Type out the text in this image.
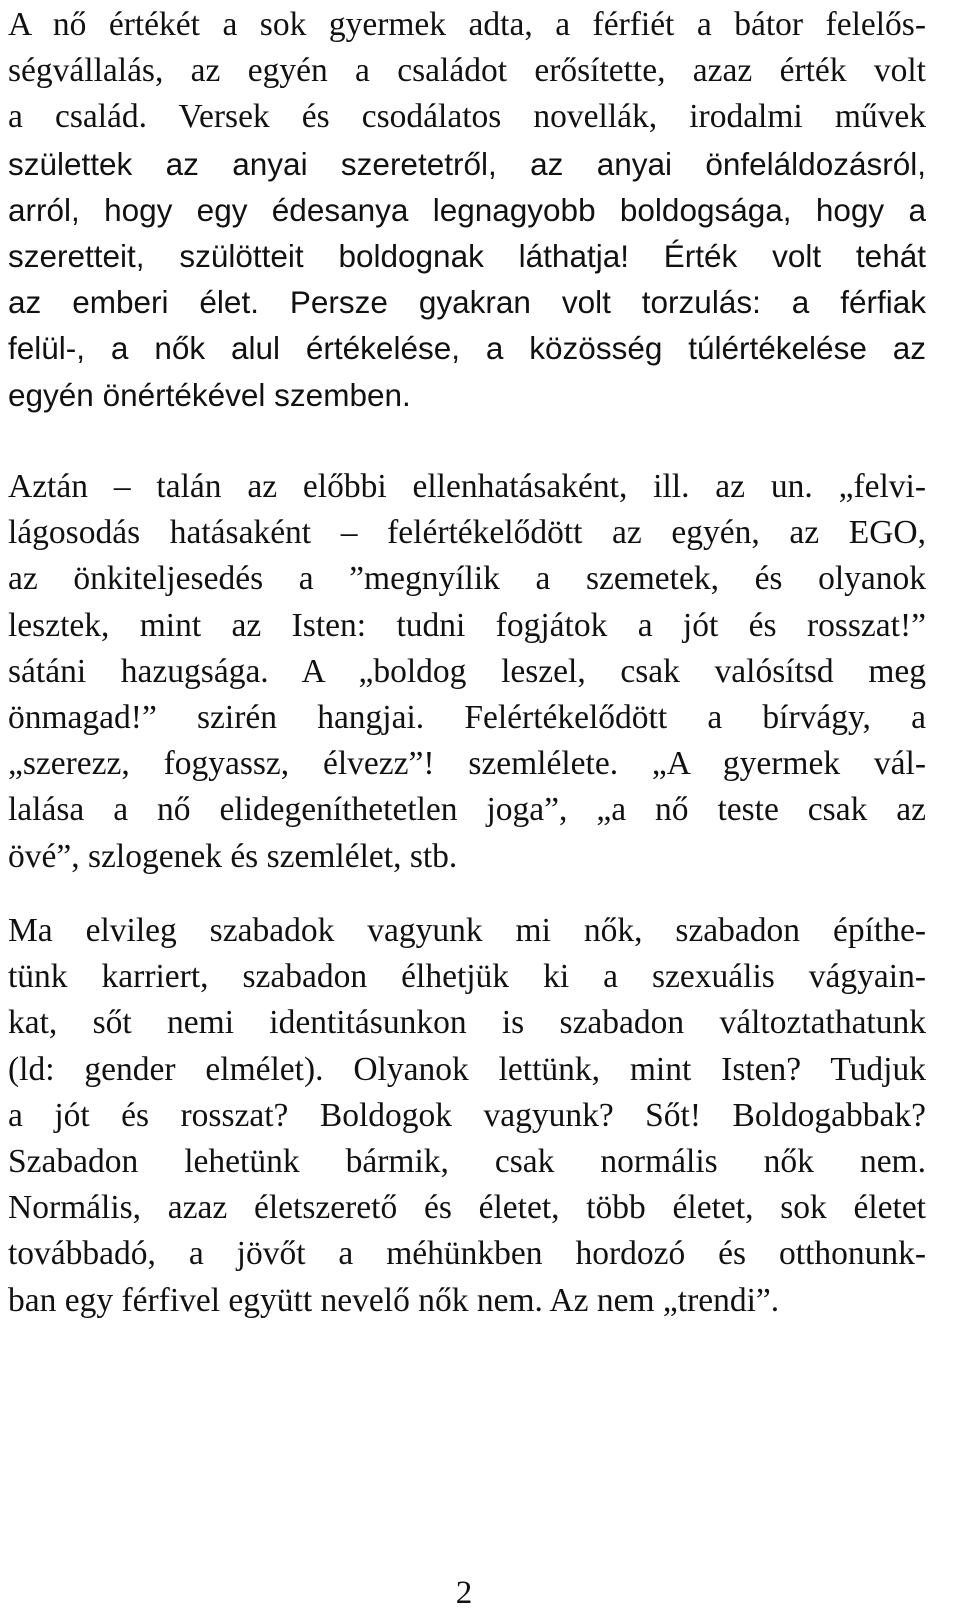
A nő értékét a sok gyermek adta, a férfiét a bátor felelős-
ségvállalás, az egyén a családot erősítette, azaz érték volt
a család. Versek és csodálatos novellák, irodalmi művek
születtek az anyai szeretetről, az anyai önfeláldozásról,
arról, hogy egy édesanya legnagyobb boldogsága, hogy a
szeretteit, szülötteit boldognak láthatja! Érték volt tehát
az emberi élet. Persze gyakran volt torzulás: a férfiak
felül-, a nők alul értékelése, a közösség túlértékelése az
egyén önértékével szemben.
Aztán – talán az előbbi ellenhatásaként, ill. az un. „felvi-
lágosodás hatásaként – felértékelődött az egyén, az EGO,
az önkiteljesedés a ”megnyílik a szemetek, és olyanok
lesztek, mint az Isten: tudni fogjátok a jót és rosszat!”
sátáni hazugsága. A „boldog leszel, csak valósítsd meg
önmagad!” szirén hangjai. Felértékelődött a bírvágy, a
„szerezz, fogyassz, élvezz”! szemlélete. „A gyermek vál-
lalása a nő elidegeníthetetlen joga”, „a nő teste csak az
övé”, szlogenek és szemlélet, stb.
Ma elvileg szabadok vagyunk mi nők, szabadon építhe-
tünk karriert, szabadon élhetjük ki a szexuális vágyain-
kat, sőt nemi identitásunkon is szabadon változtathatunk
(ld: gender elmélet). Olyanok lettünk, mint Isten? Tudjuk
a jót és rosszat? Boldogok vagyunk? Sőt! Boldogabbak?
Szabadon lehetünk bármik, csak normális nők nem.
Normális, azaz életszerető és életet, több életet, sok életet
továbbadó, a jövőt a méhünkben hordozó és otthonunk-
ban egy férfivel együtt nevelő nők nem. Az nem „trendi”.
2
